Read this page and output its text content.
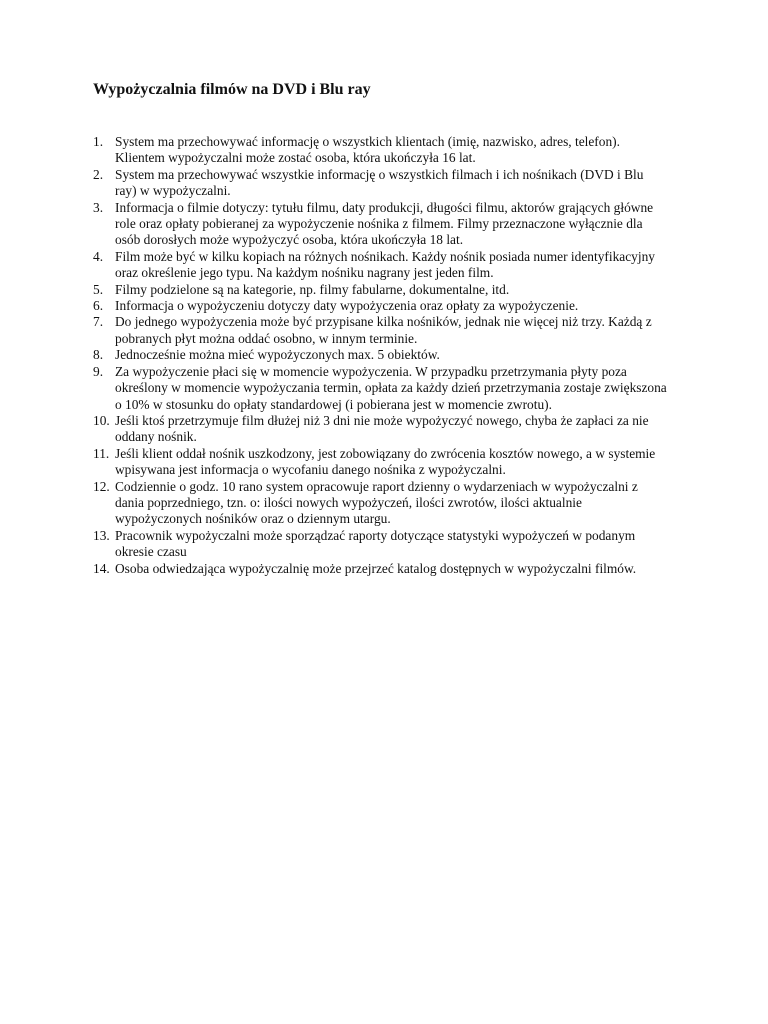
Wypożyczalnia filmów na DVD i Blu ray
1. System ma przechowywać informację o wszystkich klientach (imię, nazwisko, adres, telefon).
Klientem wypożyczalni może zostać osoba, która ukończyła 16 lat.
2. System ma przechowywać wszystkie informację o wszystkich filmach i ich nośnikach (DVD i Blu
ray) w wypożyczalni.
3. Informacja o filmie dotyczy: tytułu filmu, daty produkcji, długości filmu, aktorów grających główne
role oraz opłaty pobieranej za wypożyczenie nośnika z filmem. Filmy przeznaczone wyłącznie dla
osób dorosłych może wypożyczyć osoba, która ukończyła 18 lat.
4. Film może być w kilku kopiach na różnych nośnikach. Każdy nośnik posiada numer identyfikacyjny
oraz określenie jego typu. Na każdym nośniku nagrany jest jeden film.
5. Filmy podzielone są na kategorie, np. filmy fabularne, dokumentalne, itd.
6. Informacja o wypożyczeniu dotyczy daty wypożyczenia oraz opłaty za wypożyczenie.
7. Do jednego wypożyczenia może być przypisane kilka nośników, jednak nie więcej niż trzy. Każdą z
pobranych płyt można oddać osobno, w innym terminie.
8. Jednocześnie można mieć wypożyczonych max. 5 obiektów.
9. Za wypożyczenie płaci się w momencie wypożyczenia. W przypadku przetrzymania płyty poza
określony w momencie wypożyczania termin, opłata za każdy dzień przetrzymania zostaje zwiększona
o 10% w stosunku do opłaty standardowej (i pobierana jest w momencie zwrotu).
10. Jeśli ktoś przetrzymuje film dłużej niż 3 dni nie może wypożyczyć nowego, chyba że zapłaci za nie
oddany nośnik.
11. Jeśli klient oddał nośnik uszkodzony, jest zobowiązany do zwrócenia kosztów nowego, a w systemie
wpisywana jest informacja o wycofaniu danego nośnika z wypożyczalni.
12. Codziennie o godz. 10 rano system opracowuje raport dzienny o wydarzeniach w wypożyczalni z
dania poprzedniego, tzn. o: ilości nowych wypożyczeń, ilości zwrotów, ilości aktualnie
wypożyczonych nośników oraz o dziennym utargu.
13. Pracownik wypożyczalni może sporządzać raporty dotyczące statystyki wypożyczeń w podanym
okresie czasu
14. Osoba odwiedzająca wypożyczalnię może przejrzeć katalog dostępnych w wypożyczalni filmów.
